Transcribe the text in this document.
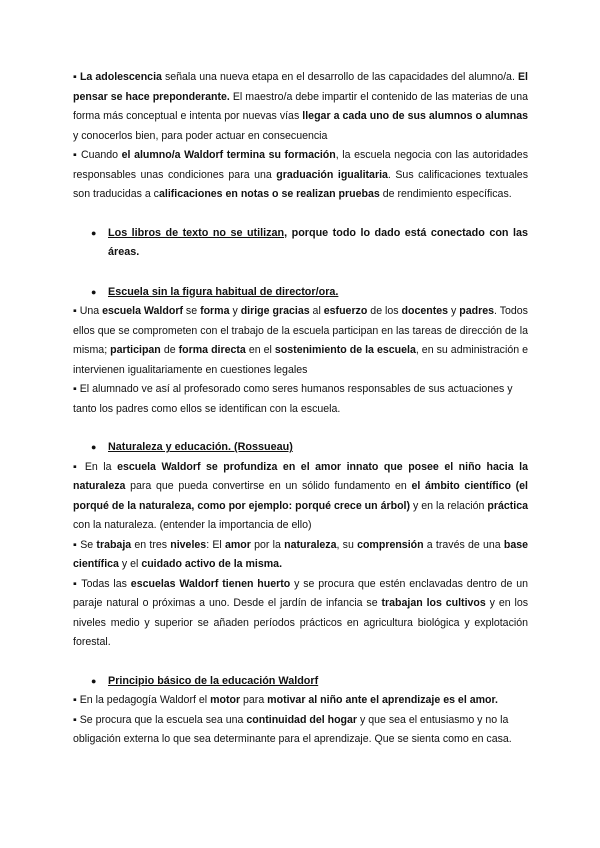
▪ La adolescencia señala una nueva etapa en el desarrollo de las capacidades del alumno/a. El pensar se hace preponderante. El maestro/a debe impartir el contenido de las materias de una forma más conceptual e intenta por nuevas vías llegar a cada uno de sus alumnos o alumnas y conocerlos bien, para poder actuar en consecuencia

▪ Cuando el alumno/a Waldorf termina su formación, la escuela negocia con las autoridades responsables unas condiciones para una graduación igualitaria. Sus calificaciones textuales son traducidas a calificaciones en notas o se realizan pruebas de rendimiento específicas.

● Los libros de texto no se utilizan, porque todo lo dado está conectado con las áreas.

● Escuela sin la figura habitual de director/ora.

▪ Una escuela Waldorf se forma y dirige gracias al esfuerzo de los docentes y padres. Todos ellos que se comprometen con el trabajo de la escuela participan en las tareas de dirección de la misma; participan de forma directa en el sostenimiento de la escuela, en su administración e intervienen igualitariamente en cuestiones legales

▪ El alumnado ve así al profesorado como seres humanos responsables de sus actuaciones y tanto los padres como ellos se identifican con la escuela.

● Naturaleza y educación. (Rossueau)

▪ En la escuela Waldorf se profundiza en el amor innato que posee el niño hacia la naturaleza para que pueda convertirse en un sólido fundamento en el ámbito científico (el porqué de la naturaleza, como por ejemplo: porqué crece un árbol) y en la relación práctica con la naturaleza. (entender la importancia de ello)

▪ Se trabaja en tres niveles: El amor por la naturaleza, su comprensión a través de una base científica y el cuidado activo de la misma.

▪ Todas las escuelas Waldorf tienen huerto y se procura que estén enclavadas dentro de un paraje natural o próximas a uno. Desde el jardín de infancia se trabajan los cultivos y en los niveles medio y superior se añaden períodos prácticos en agricultura biológica y explotación forestal.

● Principio básico de la educación Waldorf

▪ En la pedagogía Waldorf el motor para motivar al niño ante el aprendizaje es el amor.

▪ Se procura que la escuela sea una continuidad del hogar y que sea el entusiasmo y no la obligación externa lo que sea determinante para el aprendizaje. Que se sienta como en casa.
